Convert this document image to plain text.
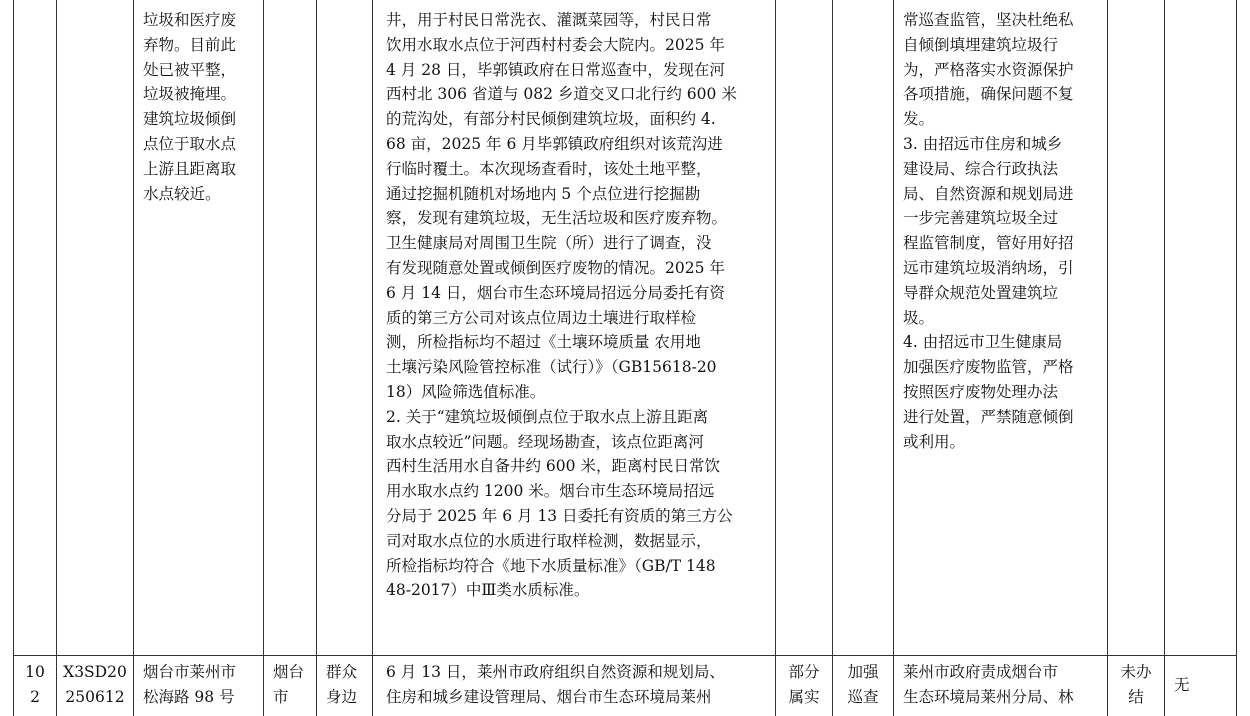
垃圾和医疗废
弃物。目前此
处已被平整，
垃圾被掩埋。
建筑垃圾倾倒
点位于取水点
上游且距离取
水点较近。
井，用于村民日常洗衣、灌溉菜园等，村民日常
饮用水取水点位于河西村村委会大院内。2025 年
4 月 28 日，毕郭镇政府在日常巡查中，发现在河
西村北 306 省道与 082 乡道交叉口北行约 600 米
的荒沟处，有部分村民倾倒建筑垃圾，面积约 4.
68 亩，2025 年 6 月毕郭镇政府组织对该荒沟进
行临时覆土。本次现场查看时，该处土地平整，
通过挖掘机随机对场地内 5 个点位进行挖掘勘
察，发现有建筑垃圾，无生活垃圾和医疗废弃物。
卫生健康局对周围卫生院（所）进行了调查，没
有发现随意处置或倾倒医疗废物的情况。2025 年
6 月 14 日，烟台市生态环境局招远分局委托有资
质的第三方公司对该点位周边土壤进行取样检
测，所检指标均不超过《土壤环境质量 农用地
土壤污染风险管控标准（试行）》（GB15618-20
18）风险筛选值标准。
2. 关于“建筑垃圾倾倒点位于取水点上游且距离
取水点较近”问题。经现场勘查，该点位距离河
西村生活用水自备井约 600 米，距离村民日常饮
用水取水点约 1200 米。烟台市生态环境局招远
分局于 2025 年 6 月 13 日委托有资质的第三方公
司对取水点位的水质进行取样检测，数据显示，
所检指标均符合《地下水质量标准》（GB/T 148
48-2017）中Ⅲ类水质标准。
常巡查监管，坚决杜绝私
自倾倒填埋建筑垃圾行
为，严格落实水资源保护
各项措施，确保问题不复
发。
3. 由招远市住房和城乡
建设局、综合行政执法
局、自然资源和规划局进
一步完善建筑垃圾全过
程监管制度，管好用好招
远市建筑垃圾消纳场，引
导群众规范处置建筑垃
圾。
4. 由招远市卫生健康局
加强医疗废物监管，严格
按照医疗废物处理办法
进行处置，严禁随意倾倒
或利用。
10
2
X3SD20
250612
烟台市莱州市
松海路 98 号
烟台
市
群众
身边
6 月 13 日，莱州市政府组织自然资源和规划局、
住房和城乡建设管理局、烟台市生态环境局莱州
部分
属实
加强
巡查
莱州市政府责成烟台市
生态环境局莱州分局、林
未办
结
无
